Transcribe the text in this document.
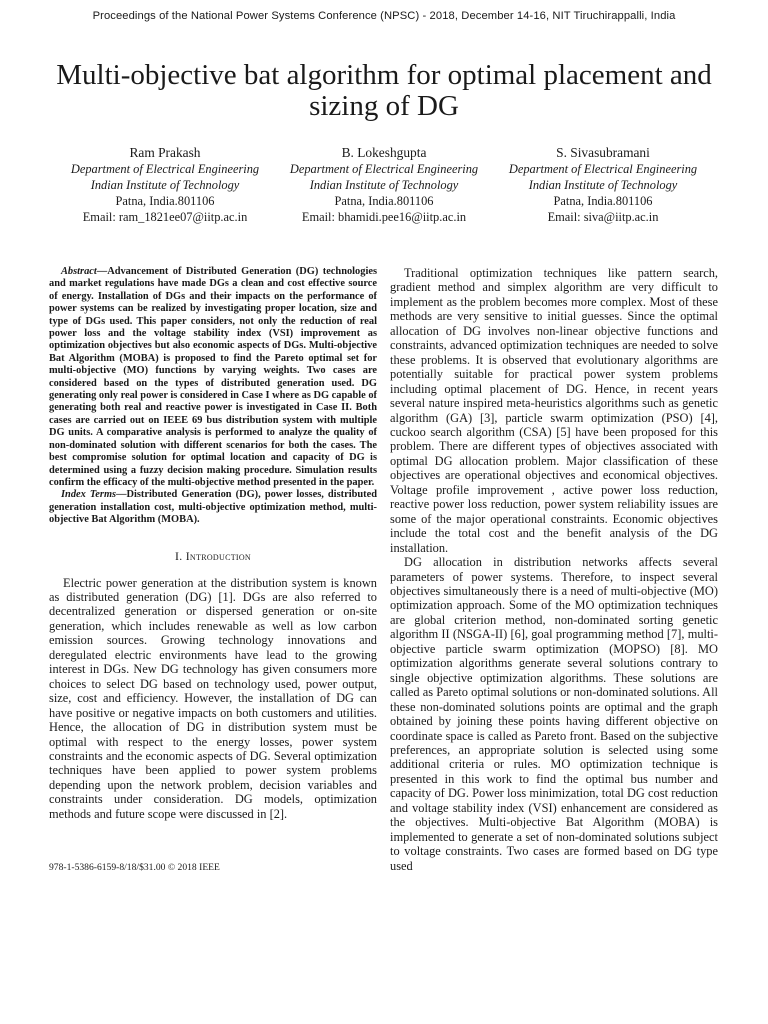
Proceedings of the National Power Systems Conference (NPSC) - 2018, December 14-16, NIT Tiruchirappalli, India
Multi-objective bat algorithm for optimal placement and sizing of DG
Ram Prakash
Department of Electrical Engineering
Indian Institute of Technology
Patna, India.801106
Email: ram_1821ee07@iitp.ac.in
B. Lokeshgupta
Department of Electrical Engineering
Indian Institute of Technology
Patna, India.801106
Email: bhamidi.pee16@iitp.ac.in
S. Sivasubramani
Department of Electrical Engineering
Indian Institute of Technology
Patna, India.801106
Email: siva@iitp.ac.in

Abstract—Advancement of Distributed Generation (DG) technologies and market regulations have made DGs a clean and cost effective source of energy. Installation of DGs and their impacts on the performance of power systems can be realized by investigating proper location, size and type of DGs used. This paper considers, not only the reduction of real power loss and the voltage stability index (VSI) improvement as optimization objectives but also economic aspects of DGs. Multi-objective Bat Algorithm (MOBA) is proposed to find the Pareto optimal set for multi-objective (MO) functions by varying weights. Two cases are considered based on the types of distributed generation used. DG generating only real power is considered in Case I where as DG capable of generating both real and reactive power is investigated in Case II. Both cases are carried out on IEEE 69 bus distribution system with multiple DG units. A comparative analysis is performed to analyze the quality of non-dominated solution with different scenarios for both the cases. The best compromise solution for optimal location and capacity of DG is determined using a fuzzy decision making procedure. Simulation results confirm the efficacy of the multi-objective method presented in the paper.

Index Terms—Distributed Generation (DG), power losses, distributed generation installation cost, multi-objective optimization method, multi-objective Bat Algorithm (MOBA).

I. Introduction

Electric power generation at the distribution system is known as distributed generation (DG) [1]. DGs are also referred to decentralized generation or dispersed generation or on-site generation, which includes renewable as well as low carbon emission sources. Growing technology innovations and deregulated electric environments have lead to the growing interest in DGs. New DG technology has given consumers more choices to select DG based on technology used, power output, size, cost and efficiency. However, the installation of DG can have positive or negative impacts on both customers and utilities. Hence, the allocation of DG in distribution system must be optimal with respect to the energy losses, power system constraints and the economic aspects of DG. Several optimization techniques have been applied to power system problems depending upon the network problem, decision variables and constraints under consideration. DG models, optimization methods and future scope were discussed in [2].

978-1-5386-6159-8/18/$31.00 © 2018 IEEE

Traditional optimization techniques like pattern search, gradient method and simplex algorithm are very difficult to implement as the problem becomes more complex. Most of these methods are very sensitive to initial guesses. Since the optimal allocation of DG involves non-linear objective functions and constraints, advanced optimization techniques are needed to solve these problems. It is observed that evolutionary algorithms are potentially suitable for practical power system problems including optimal placement of DG. Hence, in recent years several nature inspired meta-heuristics algorithms such as genetic algorithm (GA) [3], particle swarm optimization (PSO) [4], cuckoo search algorithm (CSA) [5] have been proposed for this problem. There are different types of objectives associated with optimal DG allocation problem. Major classification of these objectives are operational objectives and economical objectives. Voltage profile improvement , active power loss reduction, reactive power loss reduction, power system reliability issues are some of the major operational constraints. Economic objectives include the total cost and the benefit analysis of the DG installation.

DG allocation in distribution networks affects several parameters of power systems. Therefore, to inspect several objectives simultaneously there is a need of multi-objective (MO) optimization approach. Some of the MO optimization techniques are global criterion method, non-dominated sorting genetic algorithm II (NSGA-II) [6], goal programming method [7], multi-objective particle swarm optimization (MOPSO) [8]. MO optimization algorithms generate several solutions contrary to single objective optimization algorithms. These solutions are called as Pareto optimal solutions or non-dominated solutions. All these non-dominated solutions points are optimal and the graph obtained by joining these points having different objective on coordinate space is called as Pareto front. Based on the subjective preferences, an appropriate solution is selected using some additional criteria or rules. MO optimization technique is presented in this work to find the optimal bus number and capacity of DG. Power loss minimization, total DG cost reduction and voltage stability index (VSI) enhancement are considered as the objectives. Multi-objective Bat Algorithm (MOBA) is implemented to generate a set of non-dominated solutions subject to voltage constraints. Two cases are formed based on DG type used
